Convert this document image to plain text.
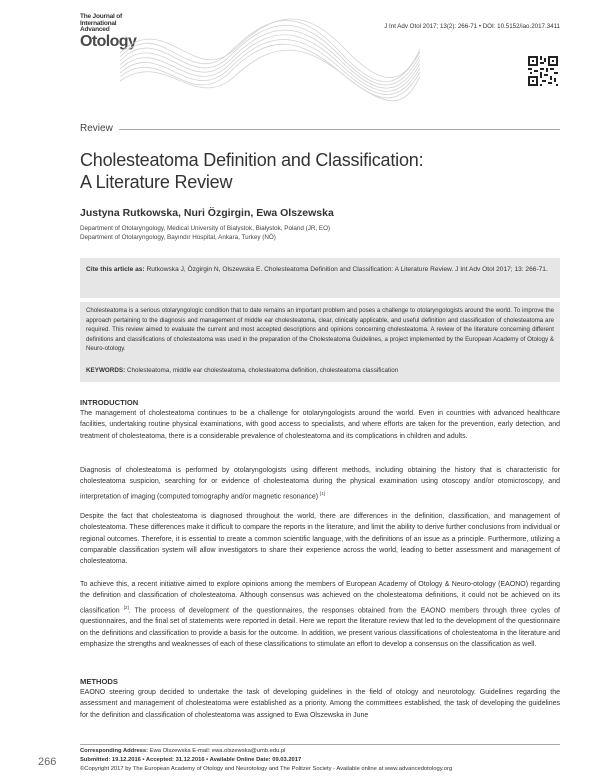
The Journal of
International
Advanced
Otology
J Int Adv Otol 2017; 13(2): 266-71 • DOI: 10.5152/iao.2017.3411
Review
Cholesteatoma Definition and Classification:
A Literature Review
Justyna Rutkowska, Nuri Özgirgin, Ewa Olszewska
Department of Otolaryngology, Medical University of Bialystok, Białystok, Poland (JR, EO)
Department of Otolaryngology, Bayındır Hospital, Ankara, Turkey (NÖ)
Cite this article as: Rutkowska J, Özgirgin N, Olszewska E. Cholesteatoma Definition and Classification: A Literature Review. J Int Adv Otol 2017; 13: 266-71.
Cholesteatoma is a serious otolaryngologic condition that to date remains an important problem and poses a challenge to otolaryngologists around the world. To improve the approach pertaining to the diagnosis and management of middle ear cholesteatoma, clear, clinically applicable, and useful definition and classification of cholesteatoma are required. This review aimed to evaluate the current and most accepted descriptions and opinions concerning cholesteatoma. A review of the literature concerning different definitions and classifications of cholesteatoma was used in the preparation of the Cholesteatoma Guidelines, a project implemented by the European Academy of Otology & Neuro-otology.
KEYWORDS: Cholesteatoma, middle ear cholesteatoma, cholesteatoma definition, cholesteatoma classification
INTRODUCTION
The management of cholesteatoma continues to be a challenge for otolaryngologists around the world. Even in countries with advanced healthcare facilities, undertaking routine physical examinations, with good access to specialists, and where efforts are taken for the prevention, early detection, and treatment of cholesteatoma, there is a considerable prevalence of cholesteatoma and its complications in children and adults.
Diagnosis of cholesteatoma is performed by otolaryngologists using different methods, including obtaining the history that is characteristic for cholesteatoma suspicion, searching for or evidence of cholesteatoma during the physical examination using otoscopy and/or otomicroscopy, and interpretation of imaging (computed tomography and/or magnetic resonance) [1]
Despite the fact that cholesteatoma is diagnosed throughout the world, there are differences in the definition, classification, and management of cholesteatoma. These differences make it difficult to compare the reports in the literature, and limit the ability to derive further conclusions from individual or regional outcomes. Therefore, it is essential to create a common scientific language, with the definitions of an issue as a principle. Furthermore, utilizing a comparable classification system will allow investigators to share their experience across the world, leading to better assessment and management of cholesteatoma.
To achieve this, a recent initiative aimed to explore opinions among the members of European Academy of Otology & Neuro-otology (EAONO) regarding the definition and classification of cholesteatoma. Although consensus was achieved on the cholesteatoma definitions, it could not be achieved on its classification [2]. The process of development of the questionnaires, the responses obtained from the EAONO members through three cycles of questionnaires, and the final set of statements were reported in detail. Here we report the literature review that led to the development of the questionnaire on the definitions and classification to provide a basis for the outcome. In addition, we present various classifications of cholesteatoma in the literature and emphasize the strengths and weaknesses of each of these classifications to stimulate an effort to develop a consensus on the classification as well.
METHODS
EAONO steering group decided to undertake the task of developing guidelines in the field of otology and neurotology. Guidelines regarding the assessment and management of cholesteatoma were established as a priority. Among the committees established, the task of developing the guidelines for the definition and classification of cholesteatoma was assigned to Ewa Olszewska in June
Corresponding Address: Ewa Olszewska E-mail: ewa.olszewska@umb.edu.pl
Submitted: 19.12.2016 • Accepted: 31.12.2016 • Available Online Date: 09.03.2017
©Copyright 2017 by The European Academy of Otology and Neurotology and The Politzer Society - Available online at www.advancedotology.org
266
